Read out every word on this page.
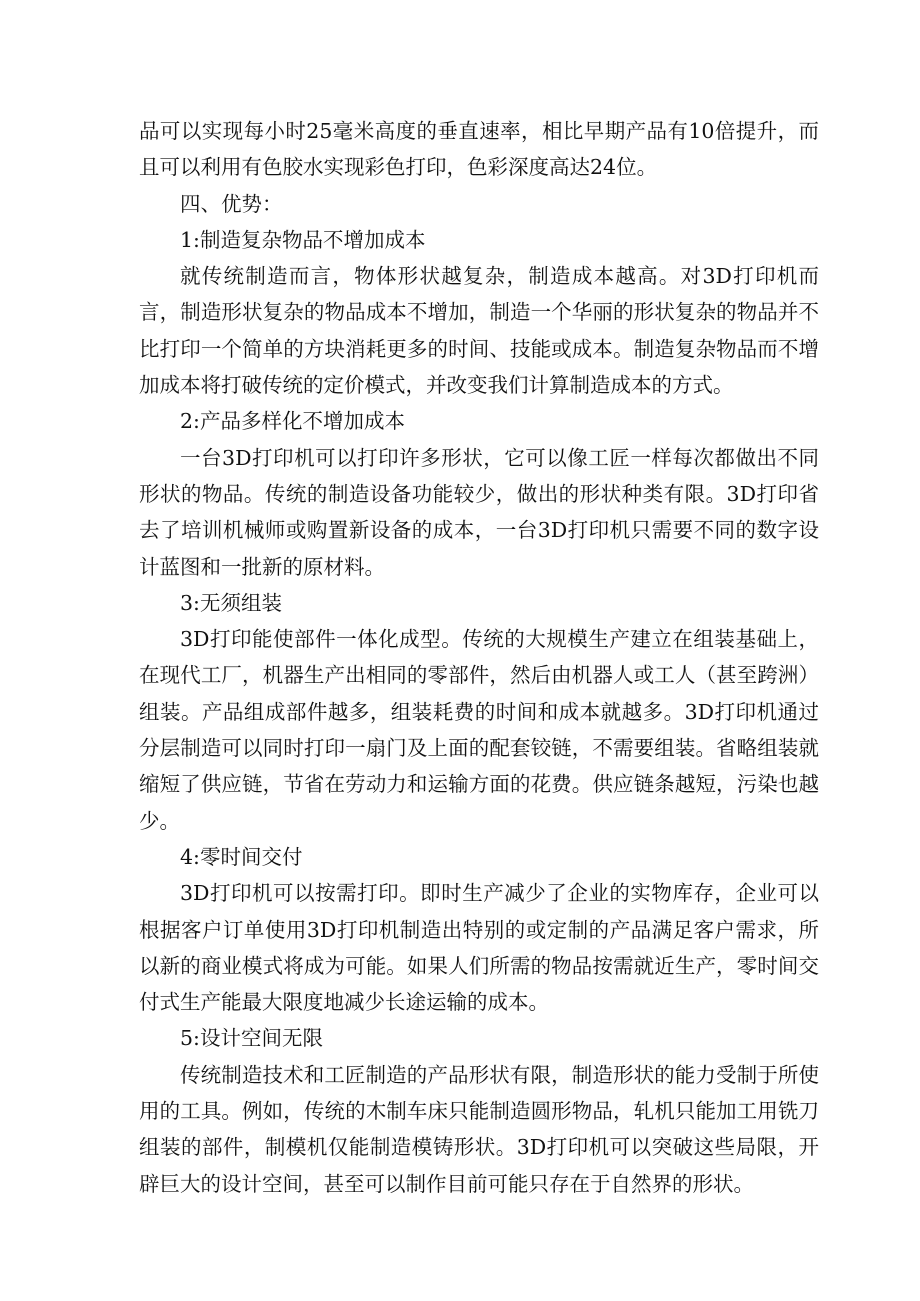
品可以实现每小时25毫米高度的垂直速率，相比早期产品有10倍提升，而且可以利用有色胶水实现彩色打印，色彩深度高达24位。

四、优势：

1:制造复杂物品不增加成本

就传统制造而言，物体形状越复杂，制造成本越高。对3D打印机而言，制造形状复杂的物品成本不增加，制造一个华丽的形状复杂的物品并不比打印一个简单的方块消耗更多的时间、技能或成本。制造复杂物品而不增加成本将打破传统的定价模式，并改变我们计算制造成本的方式。

2:产品多样化不增加成本

一台3D打印机可以打印许多形状，它可以像工匠一样每次都做出不同形状的物品。传统的制造设备功能较少，做出的形状种类有限。3D打印省去了培训机械师或购置新设备的成本，一台3D打印机只需要不同的数字设计蓝图和一批新的原材料。

3:无须组装

3D打印能使部件一体化成型。传统的大规模生产建立在组装基础上，在现代工厂，机器生产出相同的零部件，然后由机器人或工人（甚至跨洲）组装。产品组成部件越多，组装耗费的时间和成本就越多。3D打印机通过分层制造可以同时打印一扇门及上面的配套铰链，不需要组装。省略组装就缩短了供应链，节省在劳动力和运输方面的花费。供应链条越短，污染也越少。

4:零时间交付

3D打印机可以按需打印。即时生产减少了企业的实物库存，企业可以根据客户订单使用3D打印机制造出特别的或定制的产品满足客户需求，所以新的商业模式将成为可能。如果人们所需的物品按需就近生产，零时间交付式生产能最大限度地减少长途运输的成本。

5:设计空间无限

传统制造技术和工匠制造的产品形状有限，制造形状的能力受制于所使用的工具。例如，传统的木制车床只能制造圆形物品，轧机只能加工用铣刀组装的部件，制模机仅能制造模铸形状。3D打印机可以突破这些局限，开辟巨大的设计空间，甚至可以制作目前可能只存在于自然界的形状。
